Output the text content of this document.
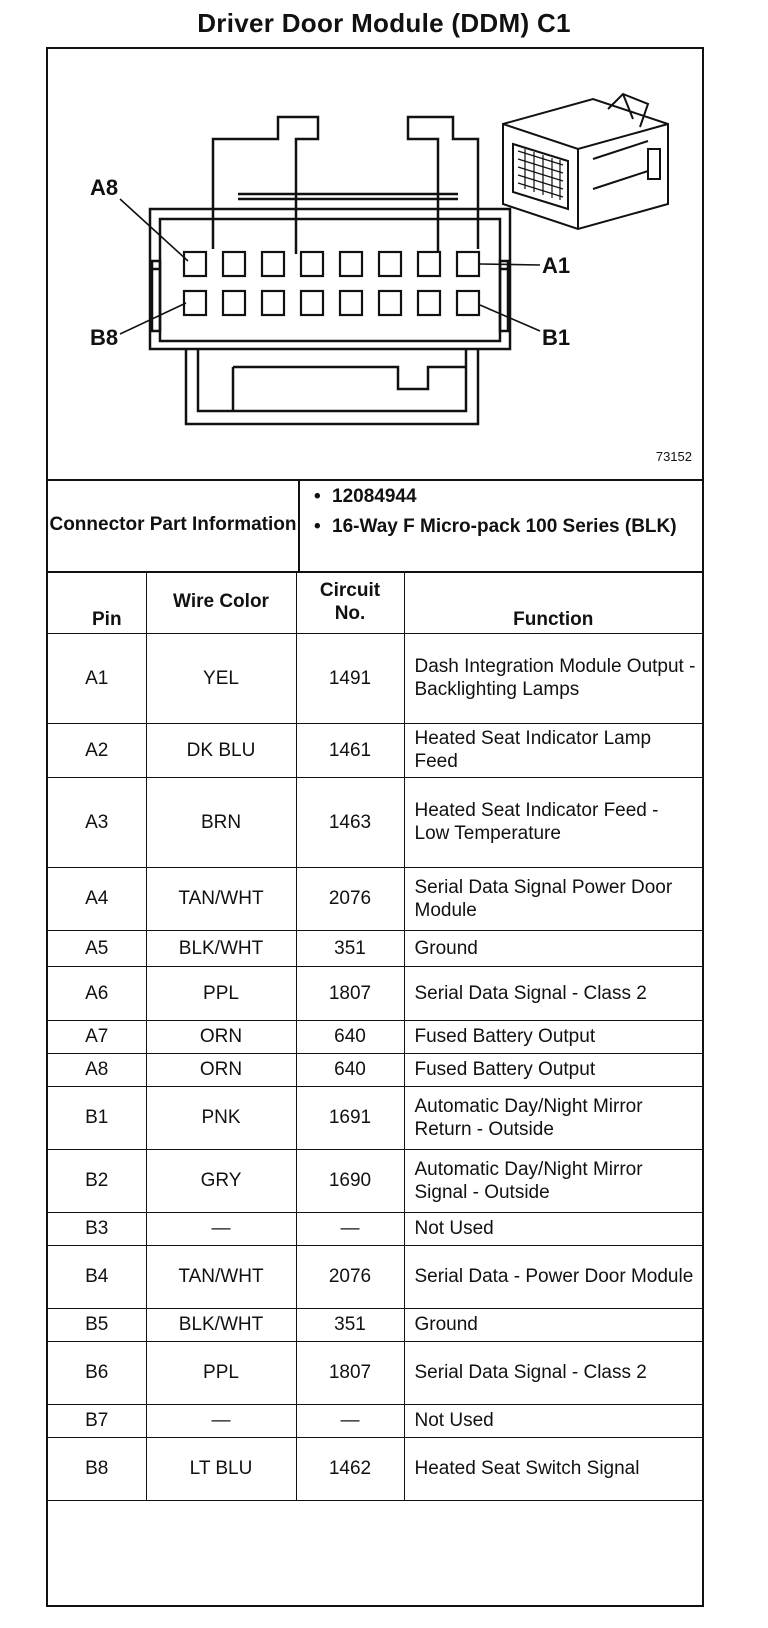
Driver Door Module (DDM) C1
A8
A1
B8	B1
73152
Connector Part Information
• 12084944
• 16-Way F Micro-pack 100 Series (BLK)
Pin	Wire Color	Circuit No.	Function
A1	YEL	1491	Dash Integration Module Output - Backlighting Lamps
A2	DK BLU	1461	Heated Seat Indicator Lamp Feed
A3	BRN	1463	Heated Seat Indicator Feed - Low Temperature
A4	TAN/WHT	2076	Serial Data Signal Power Door Module
A5	BLK/WHT	351	Ground
A6	PPL	1807	Serial Data Signal - Class 2
A7	ORN	640	Fused Battery Output
A8	ORN	640	Fused Battery Output
B1	PNK	1691	Automatic Day/Night Mirror Return - Outside
B2	GRY	1690	Automatic Day/Night Mirror Signal - Outside
B3	—	—	Not Used
B4	TAN/WHT	2076	Serial Data - Power Door Module
B5	BLK/WHT	351	Ground
B6	PPL	1807	Serial Data Signal - Class 2
B7	—	—	Not Used
B8	LT BLU	1462	Heated Seat Switch Signal
